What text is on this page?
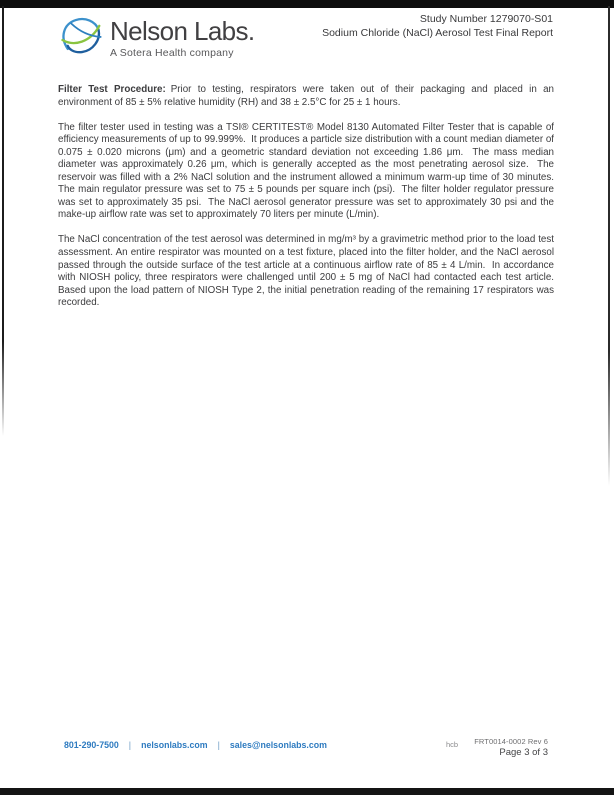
Nelson Labs.
A Sotera Health company
Study Number 1279070-S01
Sodium Chloride (NaCl) Aerosol Test Final Report

Filter Test Procedure: Prior to testing, respirators were taken out of their packaging and placed in an environment of 85 ± 5% relative humidity (RH) and 38 ± 2.5°C for 25 ± 1 hours.

The filter tester used in testing was a TSI® CERTITEST® Model 8130 Automated Filter Tester that is capable of efficiency measurements of up to 99.999%.  It produces a particle size distribution with a count median diameter of 0.075 ± 0.020 microns (μm) and a geometric standard deviation not exceeding 1.86 μm.  The mass median diameter was approximately 0.26 μm, which is generally accepted as the most penetrating aerosol size.  The reservoir was filled with a 2% NaCl solution and the instrument allowed a minimum warm-up time of 30 minutes.  The main regulator pressure was set to 75 ± 5 pounds per square inch (psi).  The filter holder regulator pressure was set to approximately 35 psi.  The NaCl aerosol generator pressure was set to approximately 30 psi and the make-up airflow rate was set to approximately 70 liters per minute (L/min).

The NaCl concentration of the test aerosol was determined in mg/m³ by a gravimetric method prior to the load test assessment. An entire respirator was mounted on a test fixture, placed into the filter holder, and the NaCl aerosol passed through the outside surface of the test article at a continuous airflow rate of 85 ± 4 L/min.  In accordance with NIOSH policy, three respirators were challenged until 200 ± 5 mg of NaCl had contacted each test article.  Based upon the load pattern of NIOSH Type 2, the initial penetration reading of the remaining 17 respirators was recorded.

801-290-7500 | nelsonlabs.com | sales@nelsonlabs.com	hcb FRT0014-0002 Rev 6
Page 3 of 3
